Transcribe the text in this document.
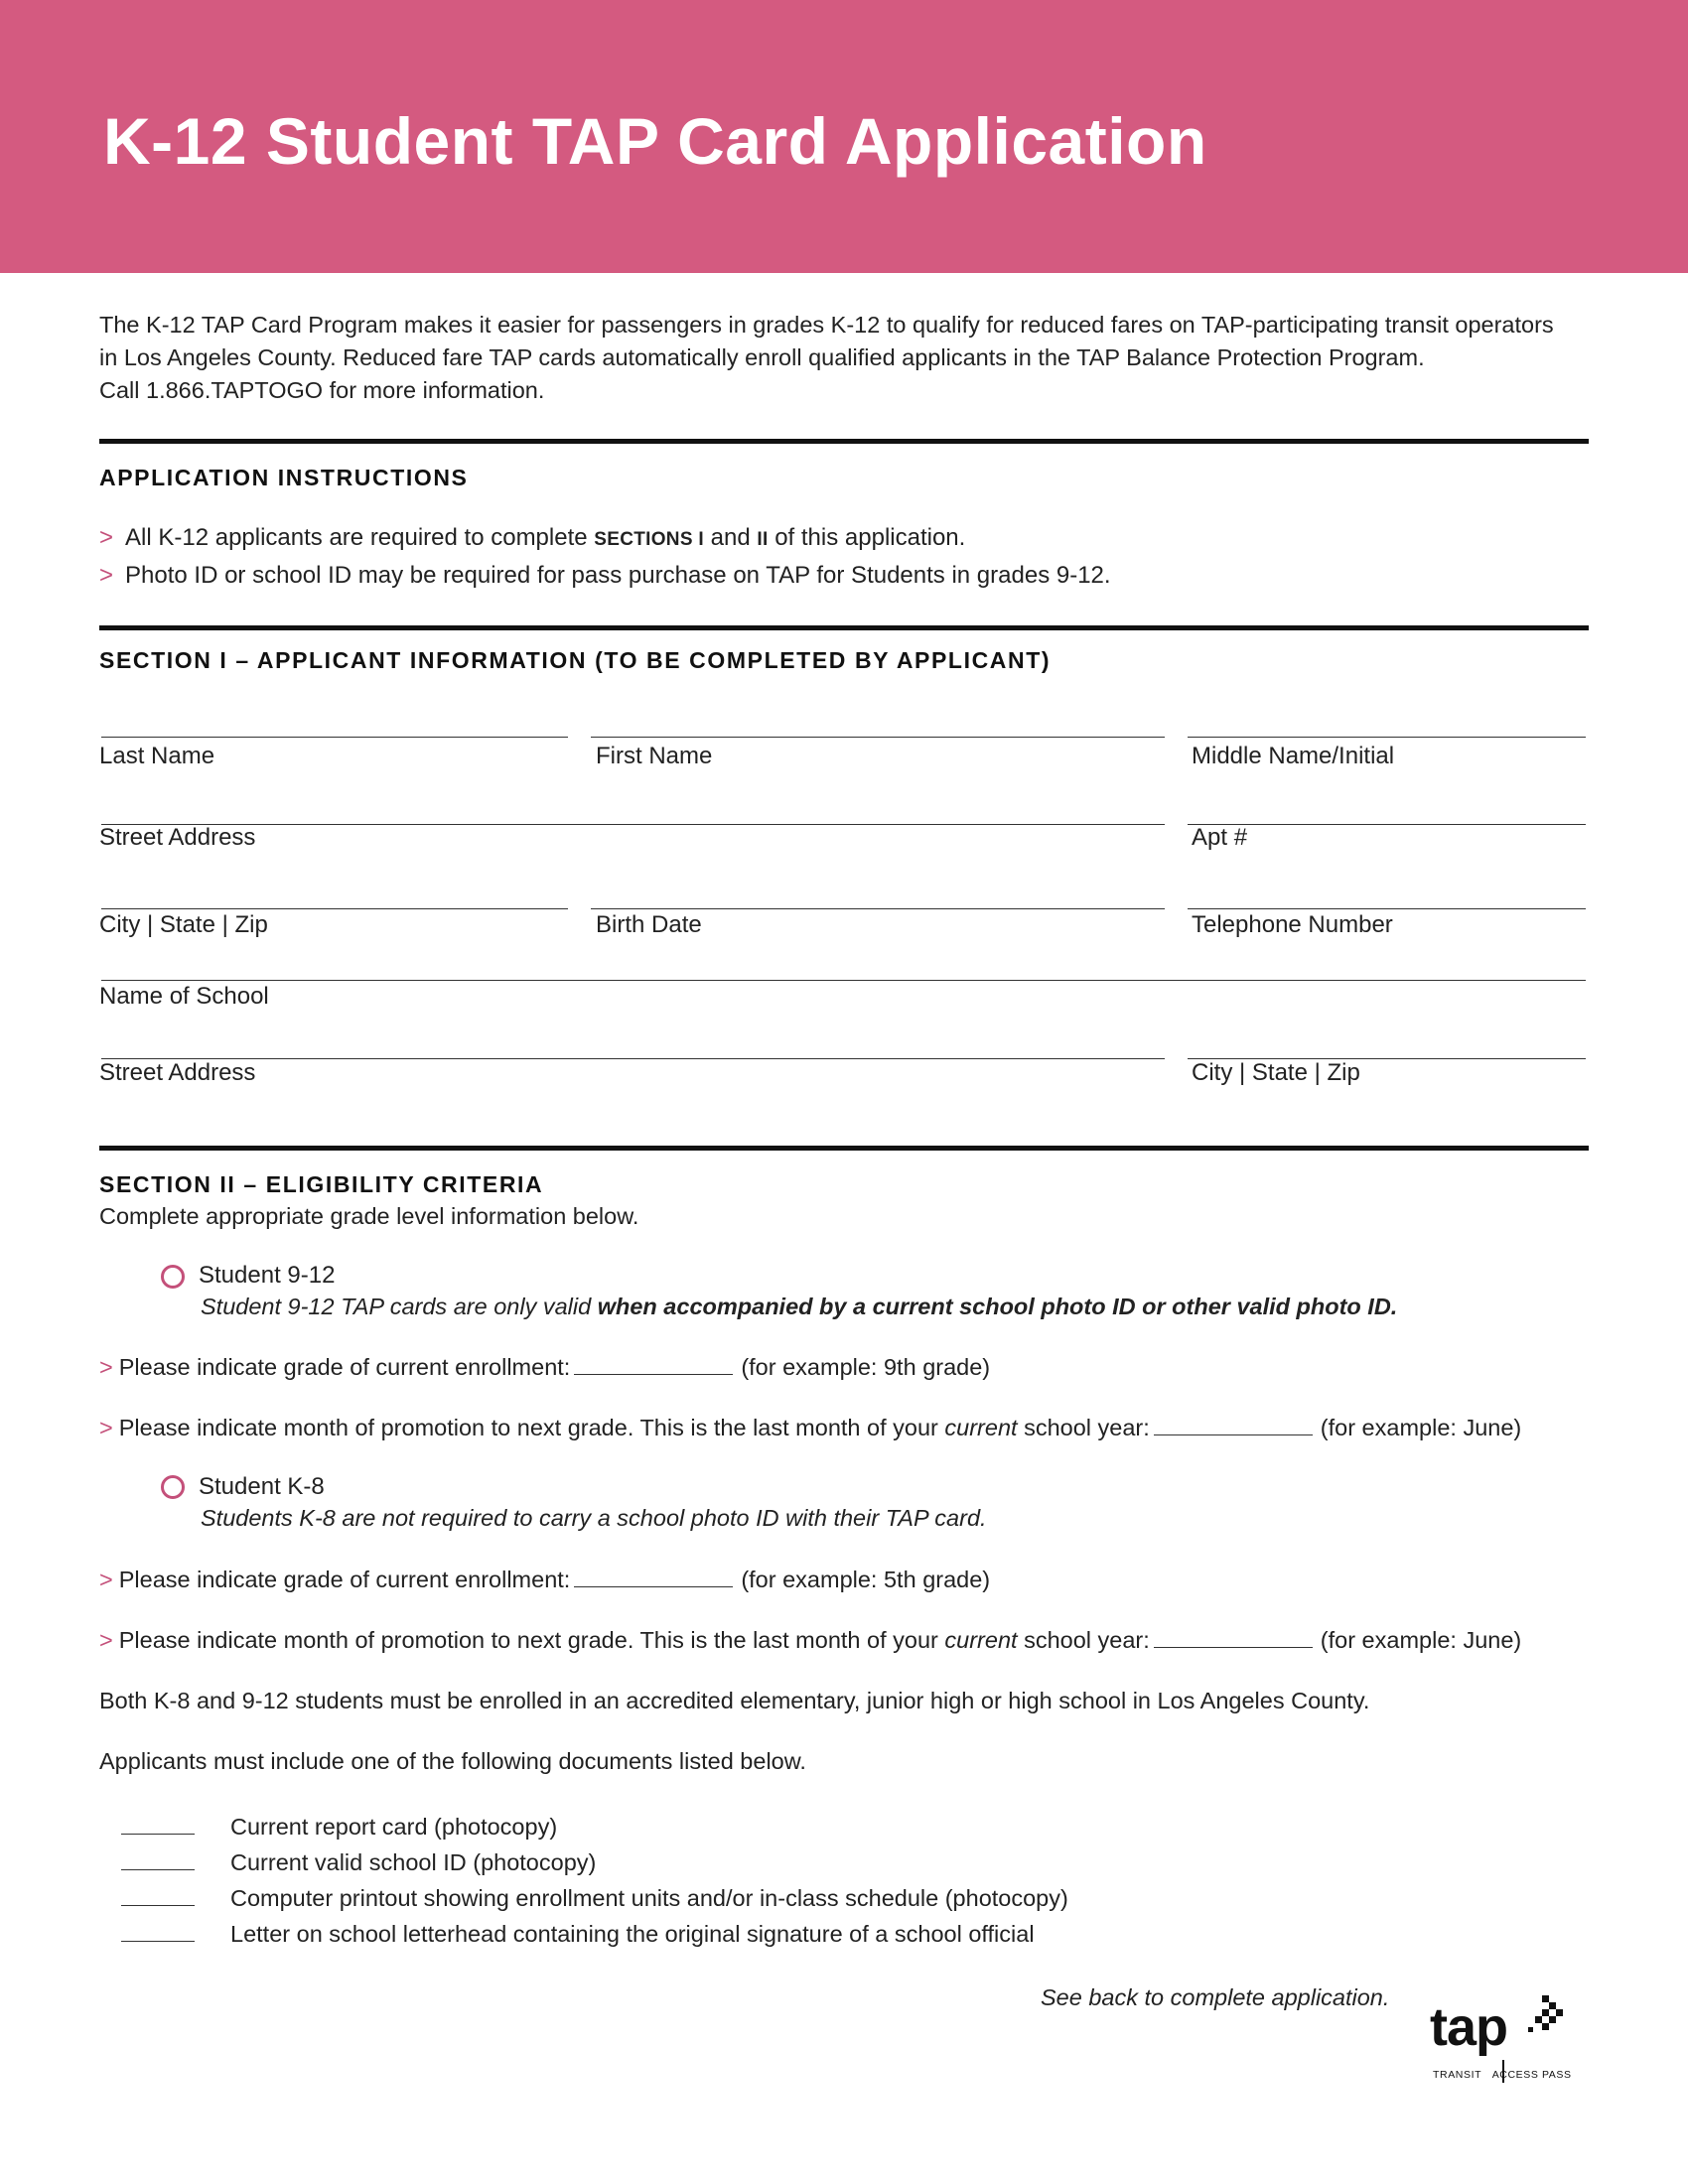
K-12 Student TAP Card Application

The K-12 TAP Card Program makes it easier for passengers in grades K-12 to qualify for reduced fares on TAP-participating transit operators

in Los Angeles County. Reduced fare TAP cards automatically enroll qualified applicants in the TAP Balance Protection Program.

Call 1.866.TAPTOGO for more information.

APPLICATION INSTRUCTIONS
> All K-12 applicants are required to complete SECTIONS I and II of this application.
> Photo ID or school ID may be required for pass purchase on TAP for Students in grades 9-12.
SECTION I – APPLICANT INFORMATION (TO BE COMPLETED BY APPLICANT)
Last Name	First Name	Middle Name/Initial
Street Address	Apt #
City | State | Zip	Birth Date	Telephone Number
Name of School
Street Address	City | State | Zip
SECTION II – ELIGIBILITY CRITERIA
Complete appropriate grade level information below.
Student 9-12
Student 9-12 TAP cards are only valid when accompanied by a current school photo ID or other valid photo ID.
> Please indicate grade of current enrollment:	(for example: 9th grade)
> Please indicate month of promotion to next grade. This is the last month of your current school year:	(for example: June)
Student K-8
Students K-8 are not required to carry a school photo ID with their TAP card.
> Please indicate grade of current enrollment:	(for example: 5th grade)
> Please indicate month of promotion to next grade. This is the last month of your current school year:	(for example: June)
Both K-8 and 9-12 students must be enrolled in an accredited elementary, junior high or high school in Los Angeles County.
Applicants must include one of the following documents listed below.
Current report card (photocopy)
Current valid school ID (photocopy)
Computer printout showing enrollment units and/or in-class schedule (photocopy)
Letter on school letterhead containing the original signature of a school official
See back to complete application. tap
TRANSIT ACCESS PASS
